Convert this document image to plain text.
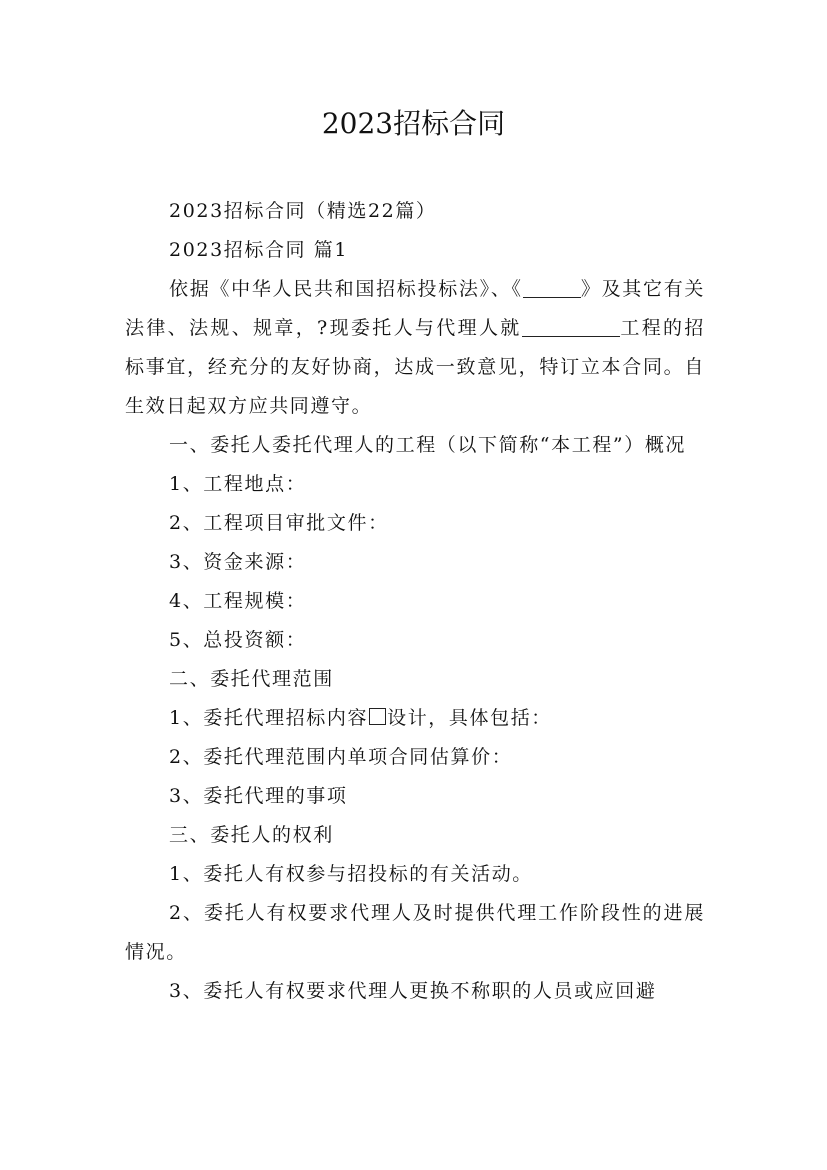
2023招标合同

2023招标合同（精选22篇）

2023招标合同 篇1

依据《中华人民共和国招标投标法》、《	》及其它有关法律、法规、规章，?现委托人与代理人就	工程的招标事宜，经充分的友好协商，达成一致意见，特订立本合同。自生效日起双方应共同遵守。

一、委托人委托代理人的工程（以下简称“本工程”）概况

1、工程地点：

2、工程项目审批文件：

3、资金来源：

4、工程规模：

5、总投资额：

二、委托代理范围

1、委托代理招标内容 设计，具体包括：

2、委托代理范围内单项合同估算价：

3、委托代理的事项

三、委托人的权利

1、委托人有权参与招投标的有关活动。

2、委托人有权要求代理人及时提供代理工作阶段性的进展情况。

3、委托人有权要求代理人更换不称职的人员或应回避
